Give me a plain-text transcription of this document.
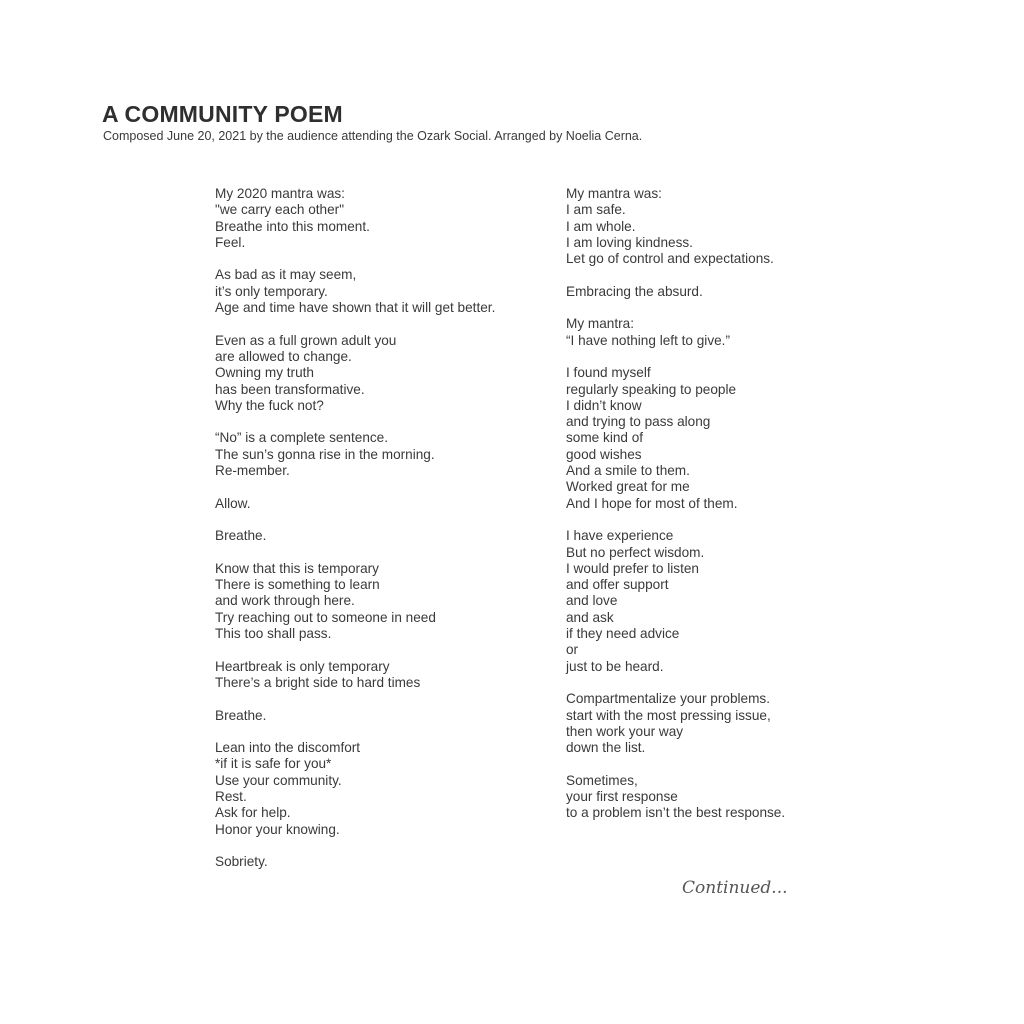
A COMMUNITY POEM
Composed June 20, 2021 by the audience attending the Ozark Social. Arranged by Noelia Cerna.
My 2020 mantra was:
"we carry each other"
Breathe into this moment.
Feel.
As bad as it may seem,
it’s only temporary.
Age and time have shown that it will get better.
Even as a full grown adult you
are allowed to change.
Owning my truth
has been transformative.
Why the fuck not?
“No” is a complete sentence.
The sun’s gonna rise in the morning.
Re-member.
Allow.
Breathe.
Know that this is temporary
There is something to learn
and work through here.
Try reaching out to someone in need
This too shall pass.
Heartbreak is only temporary
There’s a bright side to hard times
Breathe.
Lean into the discomfort
*if it is safe for you*
Use your community.
Rest.
Ask for help.
Honor your knowing.
Sobriety.
My mantra was:
I am safe.
I am whole.
I am loving kindness.
Let go of control and expectations.
Embracing the absurd.
My mantra:
“I have nothing left to give.”
I found myself
regularly speaking to people
I didn’t know
and trying to pass along
some kind of
good wishes
And a smile to them.
Worked great for me
And I hope for most of them.
I have experience
But no perfect wisdom.
I would prefer to listen
and offer support
and love
and ask
if they need advice
or
just to be heard.
Compartmentalize your problems.
start with the most pressing issue,
then work your way
down the list.
Sometimes,
your first response
to a problem isn’t the best response.
Continued...
